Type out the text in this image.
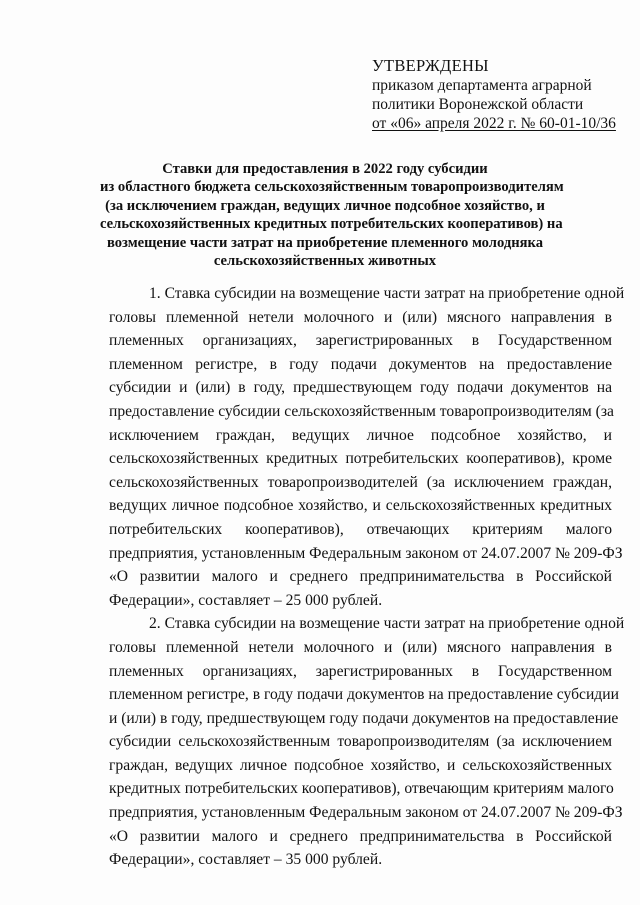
УТВЕРЖДЕНЫ
приказом департамента аграрной
политики Воронежской области
от «06» апреля 2022 г. № 60-01-10/36
Ставки для предоставления в 2022 году субсидии
из областного бюджета сельскохозяйственным товаропроизводителям
(за исключением граждан, ведущих личное подсобное хозяйство, и
сельскохозяйственных кредитных потребительских кооперативов) на
возмещение части затрат на приобретение племенного молодняка
сельскохозяйственных животных
1. Ставка субсидии на возмещение части затрат на приобретение одной
головы племенной нетели молочного и (или) мясного направления в
племенных организациях, зарегистрированных в Государственном
племенном регистре, в году подачи документов на предоставление
субсидии и (или) в году, предшествующем году подачи документов на
предоставление субсидии сельскохозяйственным товаропроизводителям (за
исключением граждан, ведущих личное подсобное хозяйство, и
сельскохозяйственных кредитных потребительских кооперативов), кроме
сельскохозяйственных товаропроизводителей (за исключением граждан,
ведущих личное подсобное хозяйство, и сельскохозяйственных кредитных
потребительских кооперативов), отвечающих критериям малого
предприятия, установленным Федеральным законом от 24.07.2007 № 209-ФЗ
«О развитии малого и среднего предпринимательства в Российской
Федерации», составляет – 25 000 рублей.
2. Ставка субсидии на возмещение части затрат на приобретение одной
головы племенной нетели молочного и (или) мясного направления в
племенных организациях, зарегистрированных в Государственном
племенном регистре, в году подачи документов на предоставление субсидии
и (или) в году, предшествующем году подачи документов на предоставление
субсидии сельскохозяйственным товаропроизводителям (за исключением
граждан, ведущих личное подсобное хозяйство, и сельскохозяйственных
кредитных потребительских кооперативов), отвечающим критериям малого
предприятия, установленным Федеральным законом от 24.07.2007 № 209-ФЗ
«О развитии малого и среднего предпринимательства в Российской
Федерации», составляет – 35 000 рублей.
